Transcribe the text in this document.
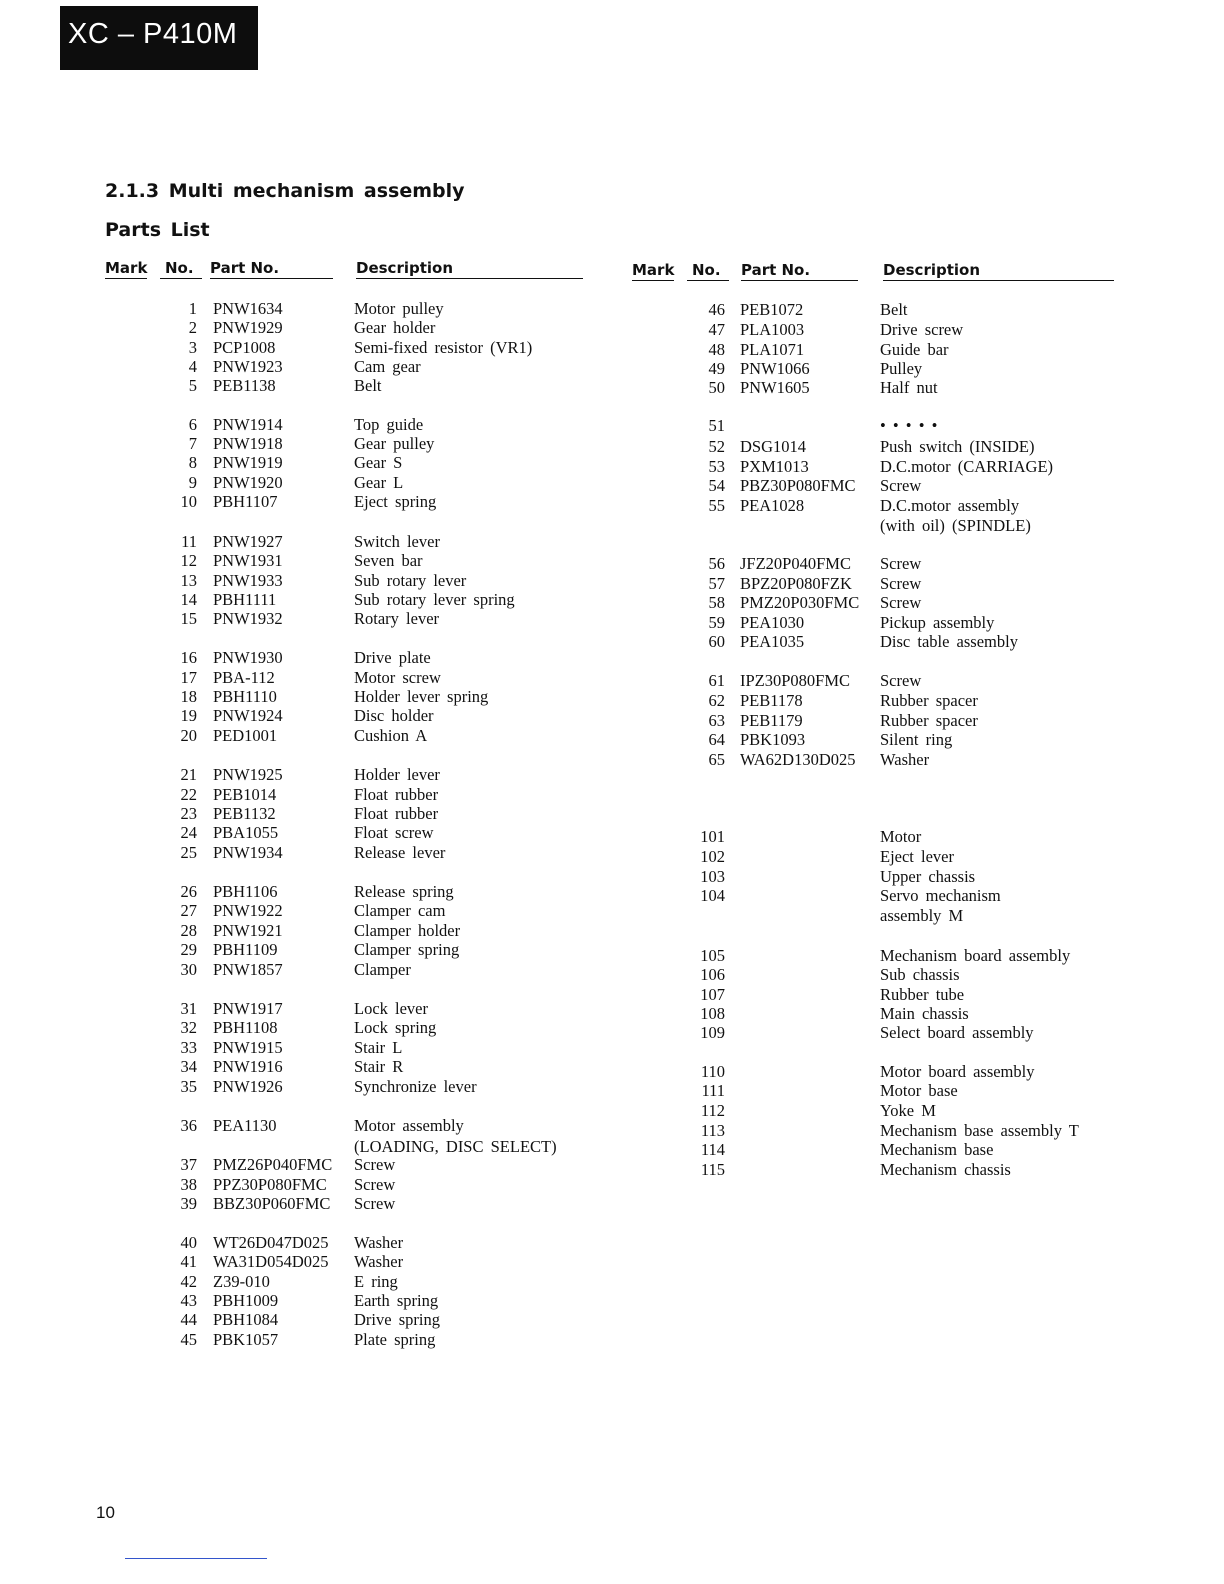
XC – P410M
2.1.3 Multi mechanism assembly
Parts List
Mark	No.	Part No.	Description
1 PNW1634	Motor pulley
2 PNW1929	Gear holder
3 PCP1008	Semi-fixed resistor (VR1)
4 PNW1923	Cam gear
5 PEB1138	Belt
6 PNW1914	Top guide
7 PNW1918	Gear pulley
8 PNW1919	Gear S
9 PNW1920	Gear L
10 PBH1107	Eject spring
11 PNW1927	Switch lever
12 PNW1931	Seven bar
13 PNW1933	Sub rotary lever
14 PBH1111	Sub rotary lever spring
15 PNW1932	Rotary lever
16 PNW1930	Drive plate
17 PBA-112	Motor screw
18 PBH1110	Holder lever spring
19 PNW1924	Disc holder
20 PED1001	Cushion A
21 PNW1925	Holder lever
22 PEB1014	Float rubber
23 PEB1132	Float rubber
24 PBA1055	Float screw
25 PNW1934	Release lever
26 PBH1106	Release spring
27 PNW1922	Clamper cam
28 PNW1921	Clamper holder
29 PBH1109	Clamper spring
30 PNW1857	Clamper
31 PNW1917	Lock lever
32 PBH1108	Lock spring
33 PNW1915	Stair L
34 PNW1916	Stair R
35 PNW1926	Synchronize lever
36 PEA1130	Motor assembly
(LOADING, DISC SELECT)
37 PMZ26P040FMC Screw
38 PPZ30P080FMC Screw
39 BBZ30P060FMC Screw
40 WT26D047D025 Washer
41 WA31D054D025 Washer
42 Z39-010	E ring
43 PBH1009	Earth spring
44 PBH1084	Drive spring
45 PBK1057	Plate spring
Mark	No.	Part No.	Description
46 PEB1072	Belt
47 PLA1003	Drive screw
48 PLA1071	Guide bar
49 PNW1066	Pulley
50 PNW1605	Half nut
51	• • • • •
52 DSG1014	Push switch (INSIDE)
53 PXM1013	D.C.motor (CARRIAGE)
54 PBZ30P080FMC Screw
55 PEA1028	D.C.motor assembly
(with oil) (SPINDLE)
56 JFZ20P040FMC Screw
57 BPZ20P080FZK Screw
58 PMZ20P030FMC Screw
59 PEA1030	Pickup assembly
60 PEA1035	Disc table assembly
61 IPZ30P080FMC Screw
62 PEB1178	Rubber spacer
63 PEB1179	Rubber spacer
64 PBK1093	Silent ring
65 WA62D130D025 Washer
101	Motor
102	Eject lever
103	Upper chassis
104	Servo mechanism
assembly M
105	Mechanism board assembly
106	Sub chassis
107	Rubber tube
108	Main chassis
109	Select board assembly
110	Motor board assembly
111	Motor base
112	Yoke M
113	Mechanism base assembly T
114	Mechanism base
115	Mechanism chassis
10
